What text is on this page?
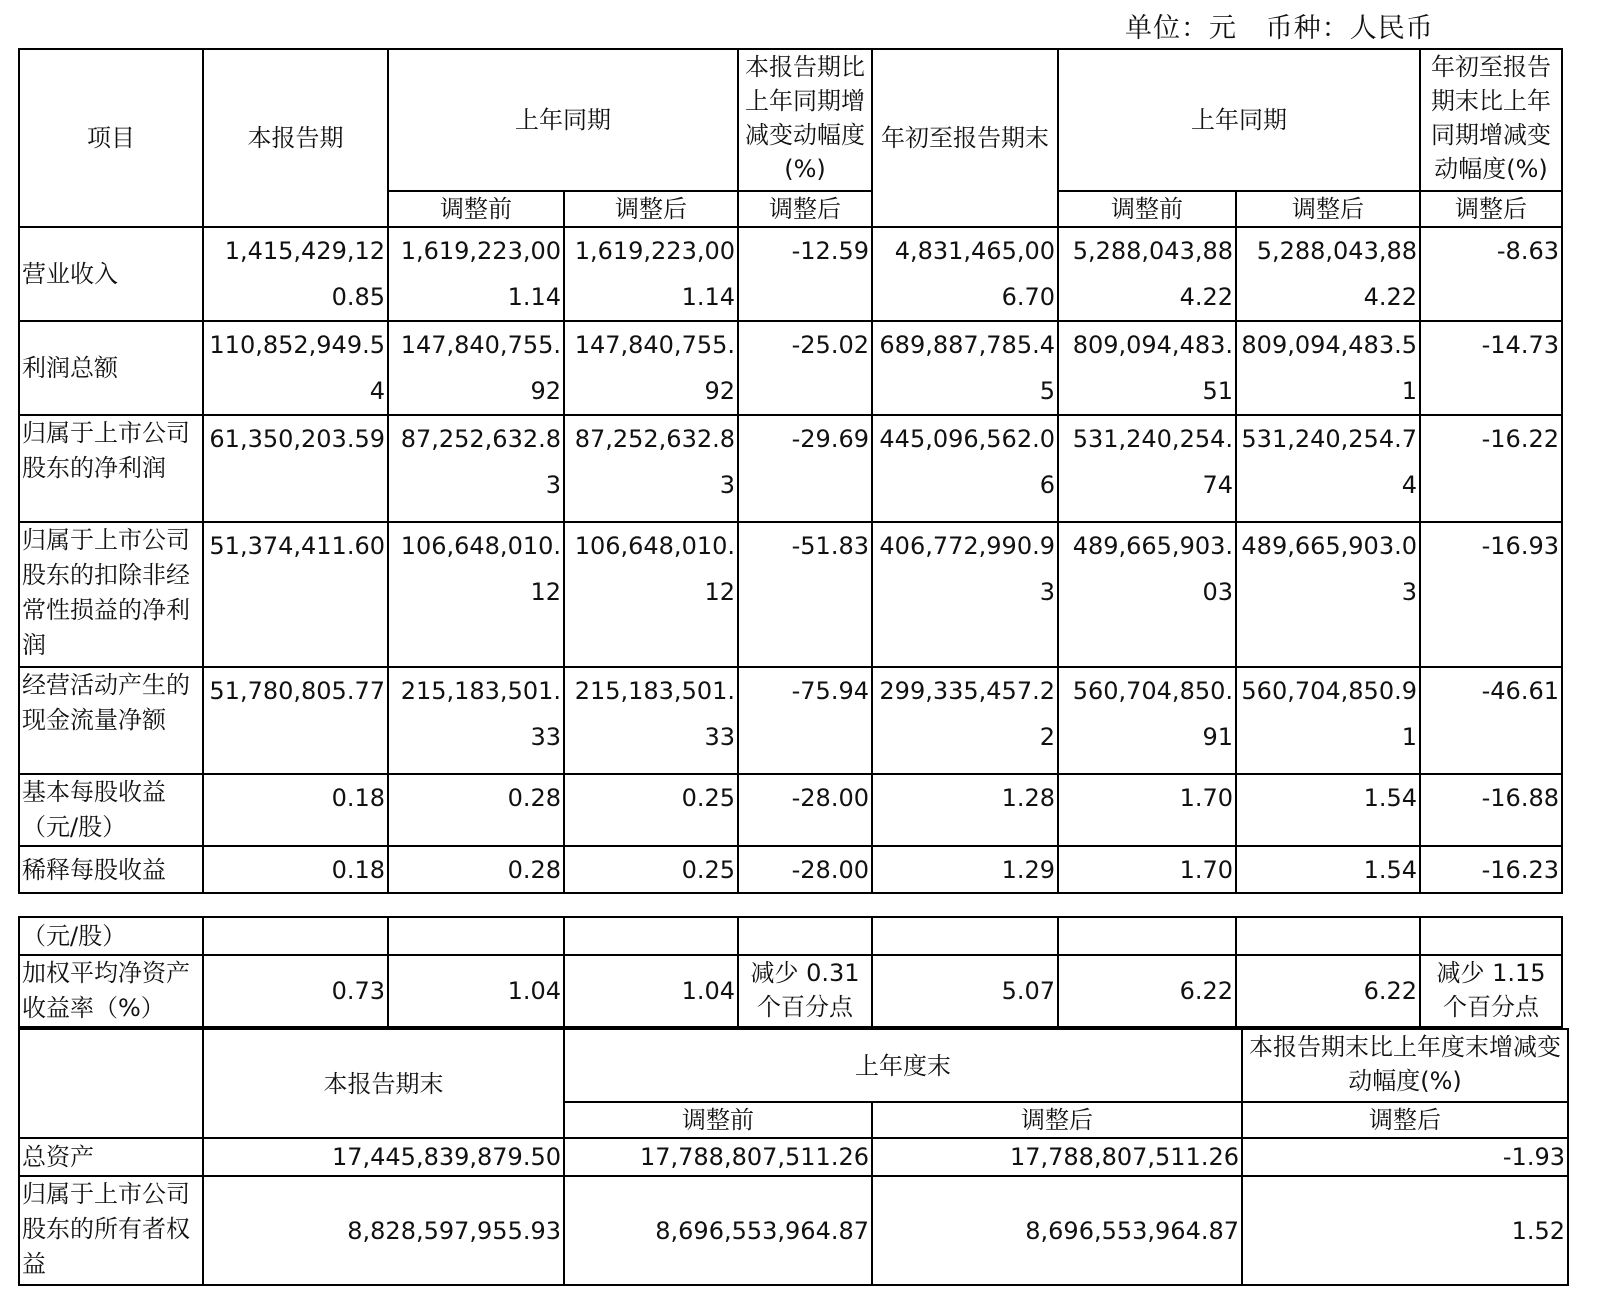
单位：元   币种：人民币
项目	本报告期	上年同期		本报告期比上年同期增减变动幅度(%)	年初至报告期末	上年同期		年初至报告期末比上年同期增减变动幅度(%)
		调整前	调整后	调整后		调整前	调整后	调整后
营业收入	1,415,429,120.85	1,619,223,001.14	1,619,223,001.14	-12.59	4,831,465,006.70	5,288,043,884.22	5,288,043,884.22	-8.63
利润总额	110,852,949.54	147,840,755.92	147,840,755.92	-25.02	689,887,785.45	809,094,483.51	809,094,483.51	-14.73
归属于上市公司股东的净利润	61,350,203.59	87,252,632.83	87,252,632.83	-29.69	445,096,562.06	531,240,254.74	531,240,254.74	-16.22
归属于上市公司股东的扣除非经常性损益的净利润	51,374,411.60	106,648,010.12	106,648,010.12	-51.83	406,772,990.93	489,665,903.03	489,665,903.03	-16.93
经营活动产生的现金流量净额	51,780,805.77	215,183,501.33	215,183,501.33	-75.94	299,335,457.22	560,704,850.91	560,704,850.91	-46.61
基本每股收益（元/股）	0.18	0.28	0.25	-28.00	1.28	1.70	1.54	-16.88
稀释每股收益	0.18	0.28	0.25	-28.00	1.29	1.70	1.54	-16.23
（元/股）								
加权平均净资产收益率（%）	0.73	1.04	1.04	减少 0.31 个百分点	5.07	6.22	6.22	减少 1.15 个百分点
	本报告期末	上年度末		本报告期末比上年度末增减变动幅度(%)
		调整前	调整后	调整后
总资产	17,445,839,879.50	17,788,807,511.26	17,788,807,511.26	-1.93
归属于上市公司股东的所有者权益	8,828,597,955.93	8,696,553,964.87	8,696,553,964.87	1.52
